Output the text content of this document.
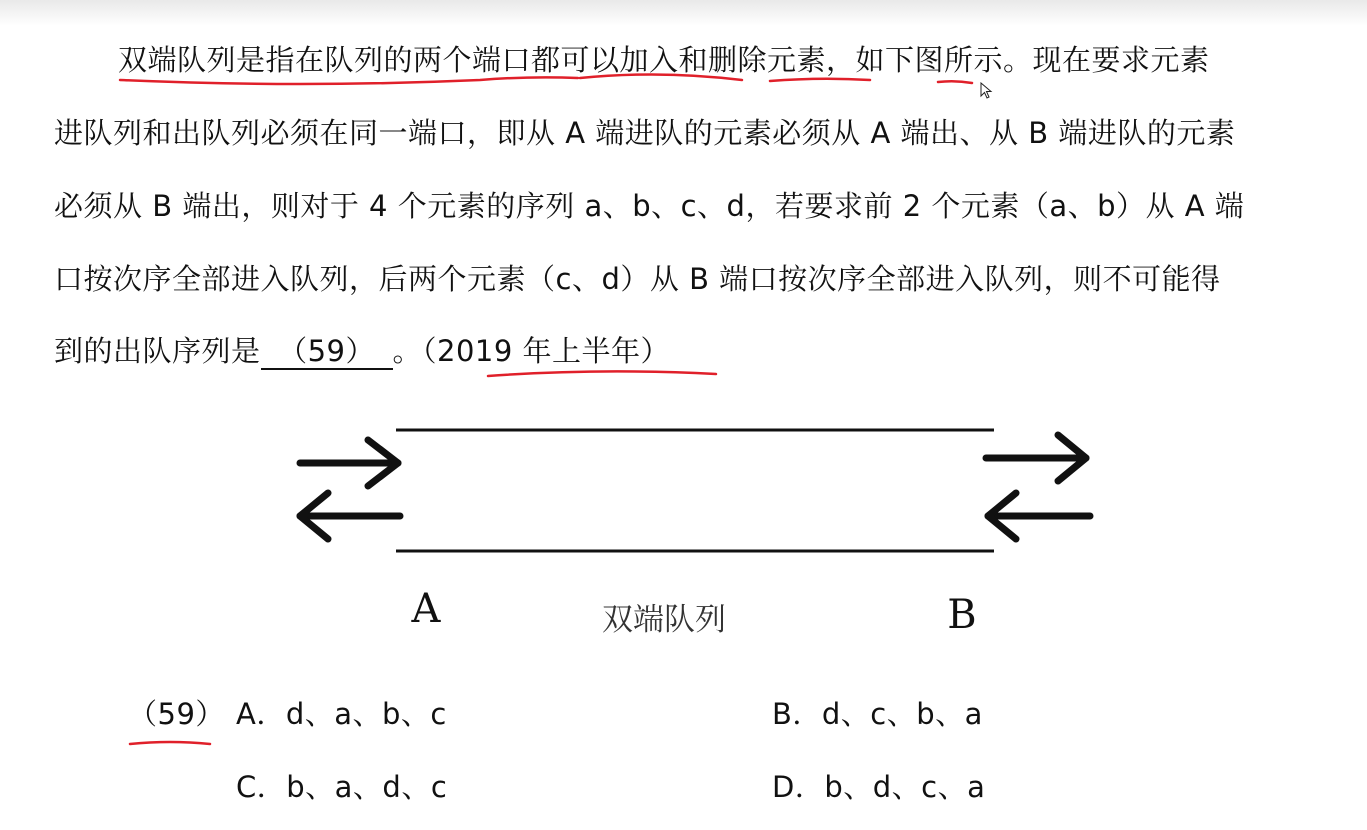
双端队列是指在队列的两个端口都可以加入和删除元素，如下图所示。现在要求元素
进队列和出队列必须在同一端口，即从 A 端进队的元素必须从 A 端出、从 B 端进队的元素
必须从 B 端出，则对于 4 个元素的序列 a、b、c、d，若要求前 2 个元素（a、b）从 A 端
口按次序全部进入队列，后两个元素（c、d）从 B 端口按次序全部进入队列，则不可能得
到的出队序列是 （59） 。（2019 年上半年）
A	双端队列	B
（59） A．d、a、b、c	B．d、c、b、a
C．b、a、d、c	D．b、d、c、a
